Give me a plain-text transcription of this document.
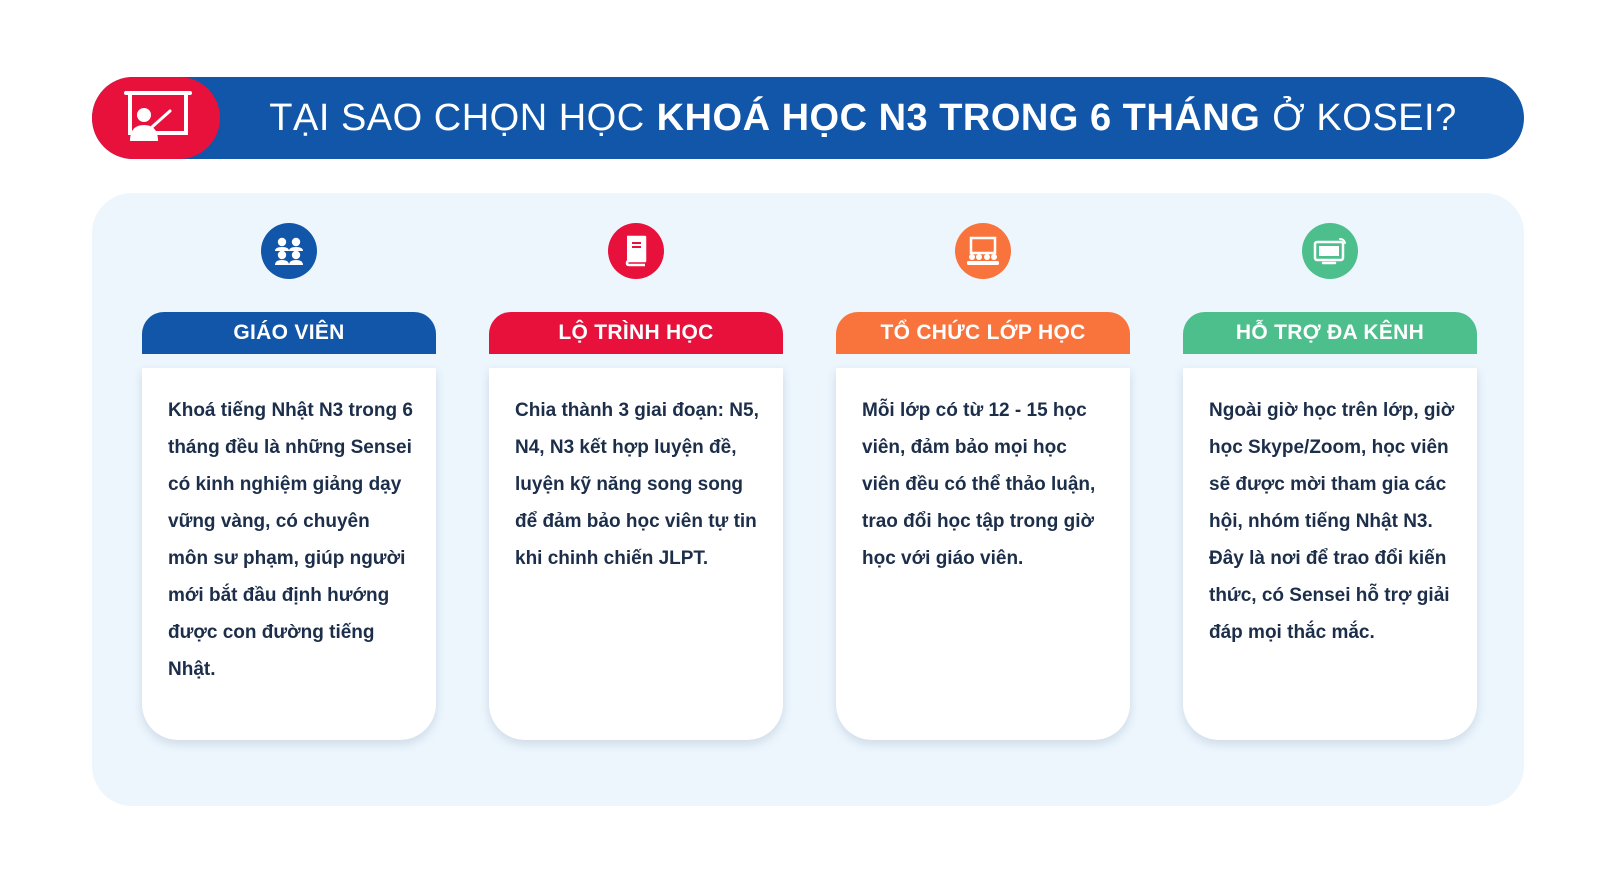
TẠI SAO CHỌN HỌC KHOÁ HỌC N3 TRONG 6 THÁNG Ở KOSEI?
GIÁO VIÊN

Khoá tiếng Nhật N3 trong 6 tháng đều là những Sensei có kinh nghiệm giảng dạy vững vàng, có chuyên môn sư phạm, giúp người mới bắt đầu định hướng được con đường tiếng Nhật.

LỘ TRÌNH HỌC

Chia thành 3 giai đoạn: N5, N4, N3 kết hợp luyện đề, luyện kỹ năng song song để đảm bảo học viên tự tin khi chinh chiến JLPT.

TỔ CHỨC LỚP HỌC

Mỗi lớp có từ 12 - 15 học viên, đảm bảo mọi học viên đều có thể thảo luận, trao đổi học tập trong giờ học với giáo viên.

HỖ TRỢ ĐA KÊNH

Ngoài giờ học trên lớp, giờ học Skype/Zoom, học viên sẽ được mời tham gia các hội, nhóm tiếng Nhật N3. Đây là nơi để trao đổi kiến thức, có Sensei hỗ trợ giải đáp mọi thắc mắc.
